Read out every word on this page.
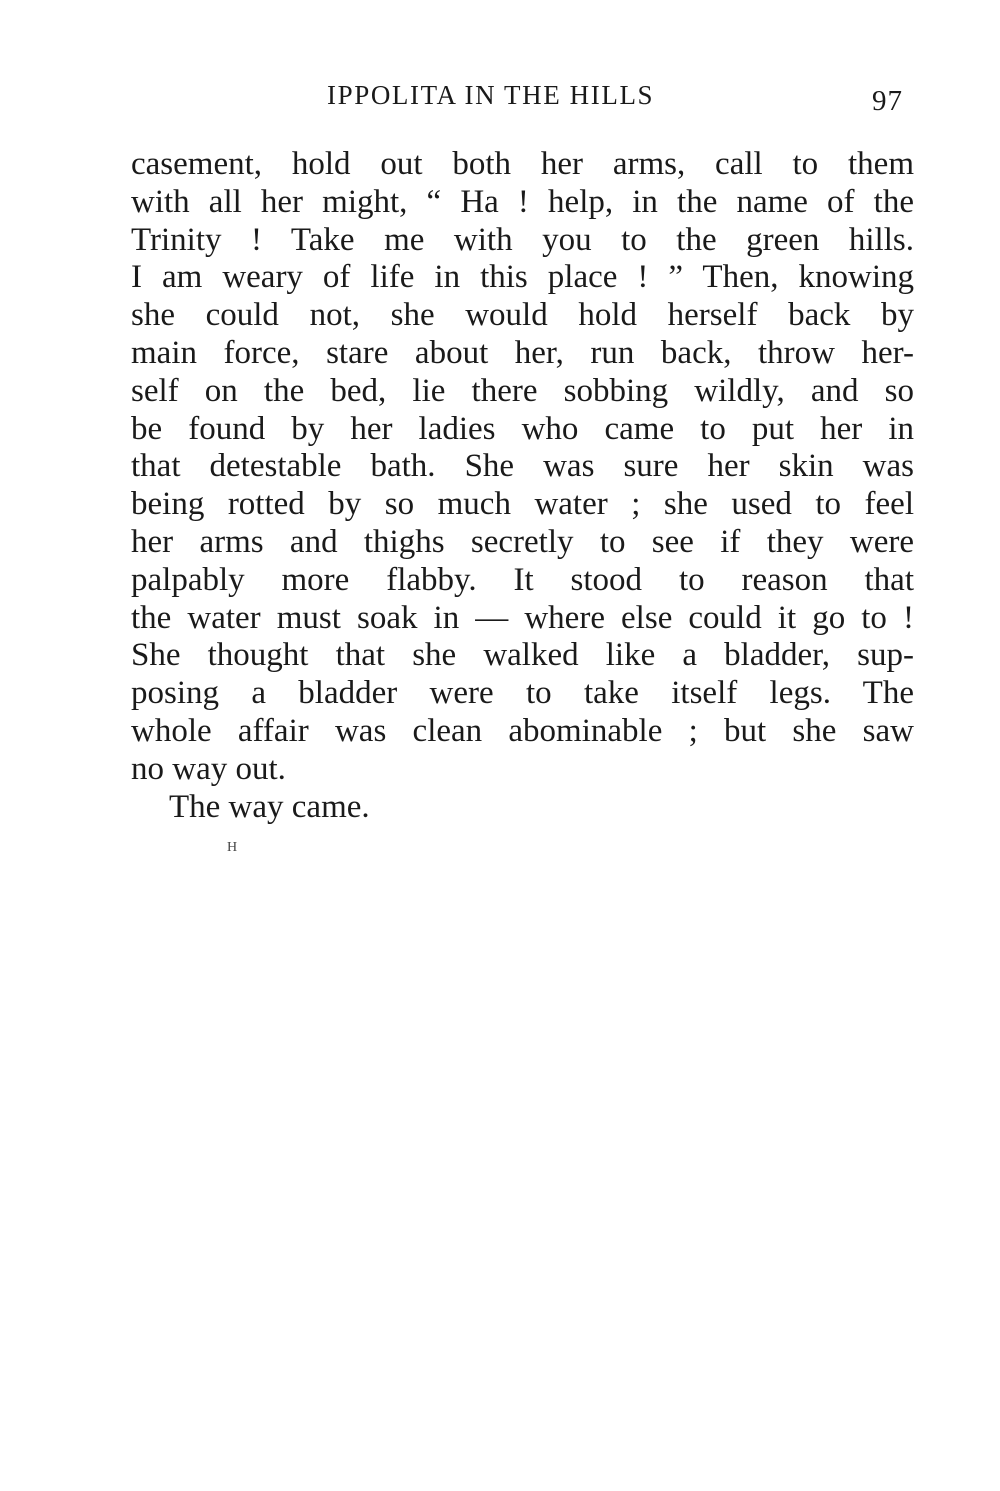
IPPOLITA IN THE HILLS	97
casement, hold out both her arms, call to them
with all her might, “ Ha ! help, in the name of the
Trinity ! Take me with you to the green hills.
I am weary of life in this place ! ” Then, knowing
she could not, she would hold herself back by
main force, stare about her, run back, throw her-
self on the bed, lie there sobbing wildly, and so
be found by her ladies who came to put her in
that detestable bath. She was sure her skin was
being rotted by so much water ; she used to feel
her arms and thighs secretly to see if they were
palpably more flabby. It stood to reason that
the water must soak in — where else could it go to !
She thought that she walked like a bladder, sup-
posing a bladder were to take itself legs. The
whole affair was clean abominable ; but she saw
no way out.
The way came.
H
